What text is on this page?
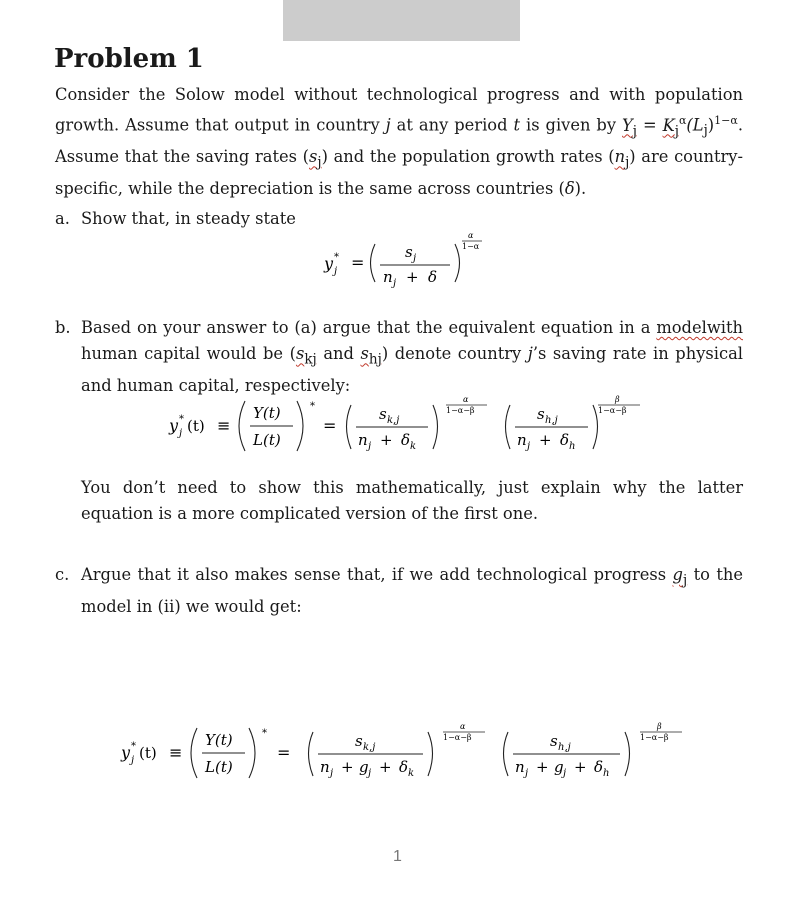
Problem 1

Consider the Solow model without technological progress and with population growth. Assume that output in country j at any period t is given by $Y_j = K_j^\alpha(L_j)^{1-\alpha}$. Assume that the saving rates $(s_j)$ and the population growth rates $(n_j)$ are country-specific, while the depreciation is the same across countries (δ).

a. Show that, in steady state
y *
j =
s j
n j + δ
α
1−α
b. Based on your answer to (a) argue that the equivalent equation in a modelwith human capital would be ($s_{kj}$ and $s_{hj}$) denote country j’s saving rate in physical and human capital, respectively:
y *
j (t) ≡
Y(t)
L(t)
*
=
s k,j
n j + δ k
α
1−α−β	s h,j
n j + δ h
β
1−α−β

You don’t need to show this mathematically, just explain why the latter equation is a more complicated version of the first one.

c. Argue that it also makes sense that, if we add technological progress $g_j$ to the model in (ii) we would get:
y *
j (t) ≡
Y(t)
L(t)
*
=
s k,j
n j + g j + δ k
α
1−α−β	s h,j
n j + g j + δ h
β
1−α−β
1
